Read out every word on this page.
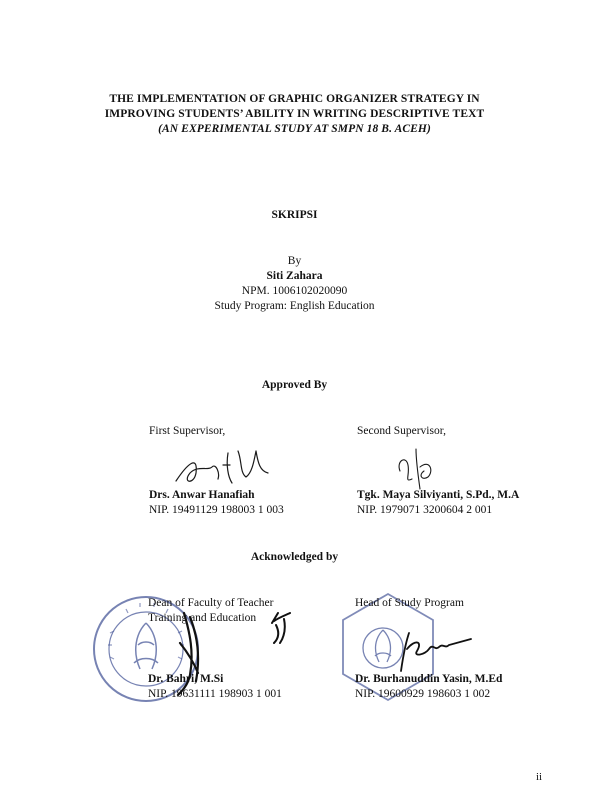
THE IMPLEMENTATION OF GRAPHIC ORGANIZER STRATEGY IN
IMPROVING STUDENTS’ ABILITY IN WRITING DESCRIPTIVE TEXT
(AN EXPERIMENTAL STUDY AT SMPN 18 B. ACEH)
SKRIPSI
By
Siti Zahara
NPM. 1006102020090
Study Program: English Education
Approved By
First Supervisor,
Drs. Anwar Hanafiah
NIP. 19491129 198003 1 003
Second Supervisor,
Tgk. Maya Silviyanti, S.Pd., M.A
NIP. 1979071 3200604 2 001
Acknowledged by
Dean of Faculty of Teacher
Training and Education
Dr. Bahri, M.Si
NIP. 19631111 198903 1 001
Head of Study Program
Dr. Burhanuddin Yasin, M.Ed
NIP. 19600929 198603 1 002
ii
